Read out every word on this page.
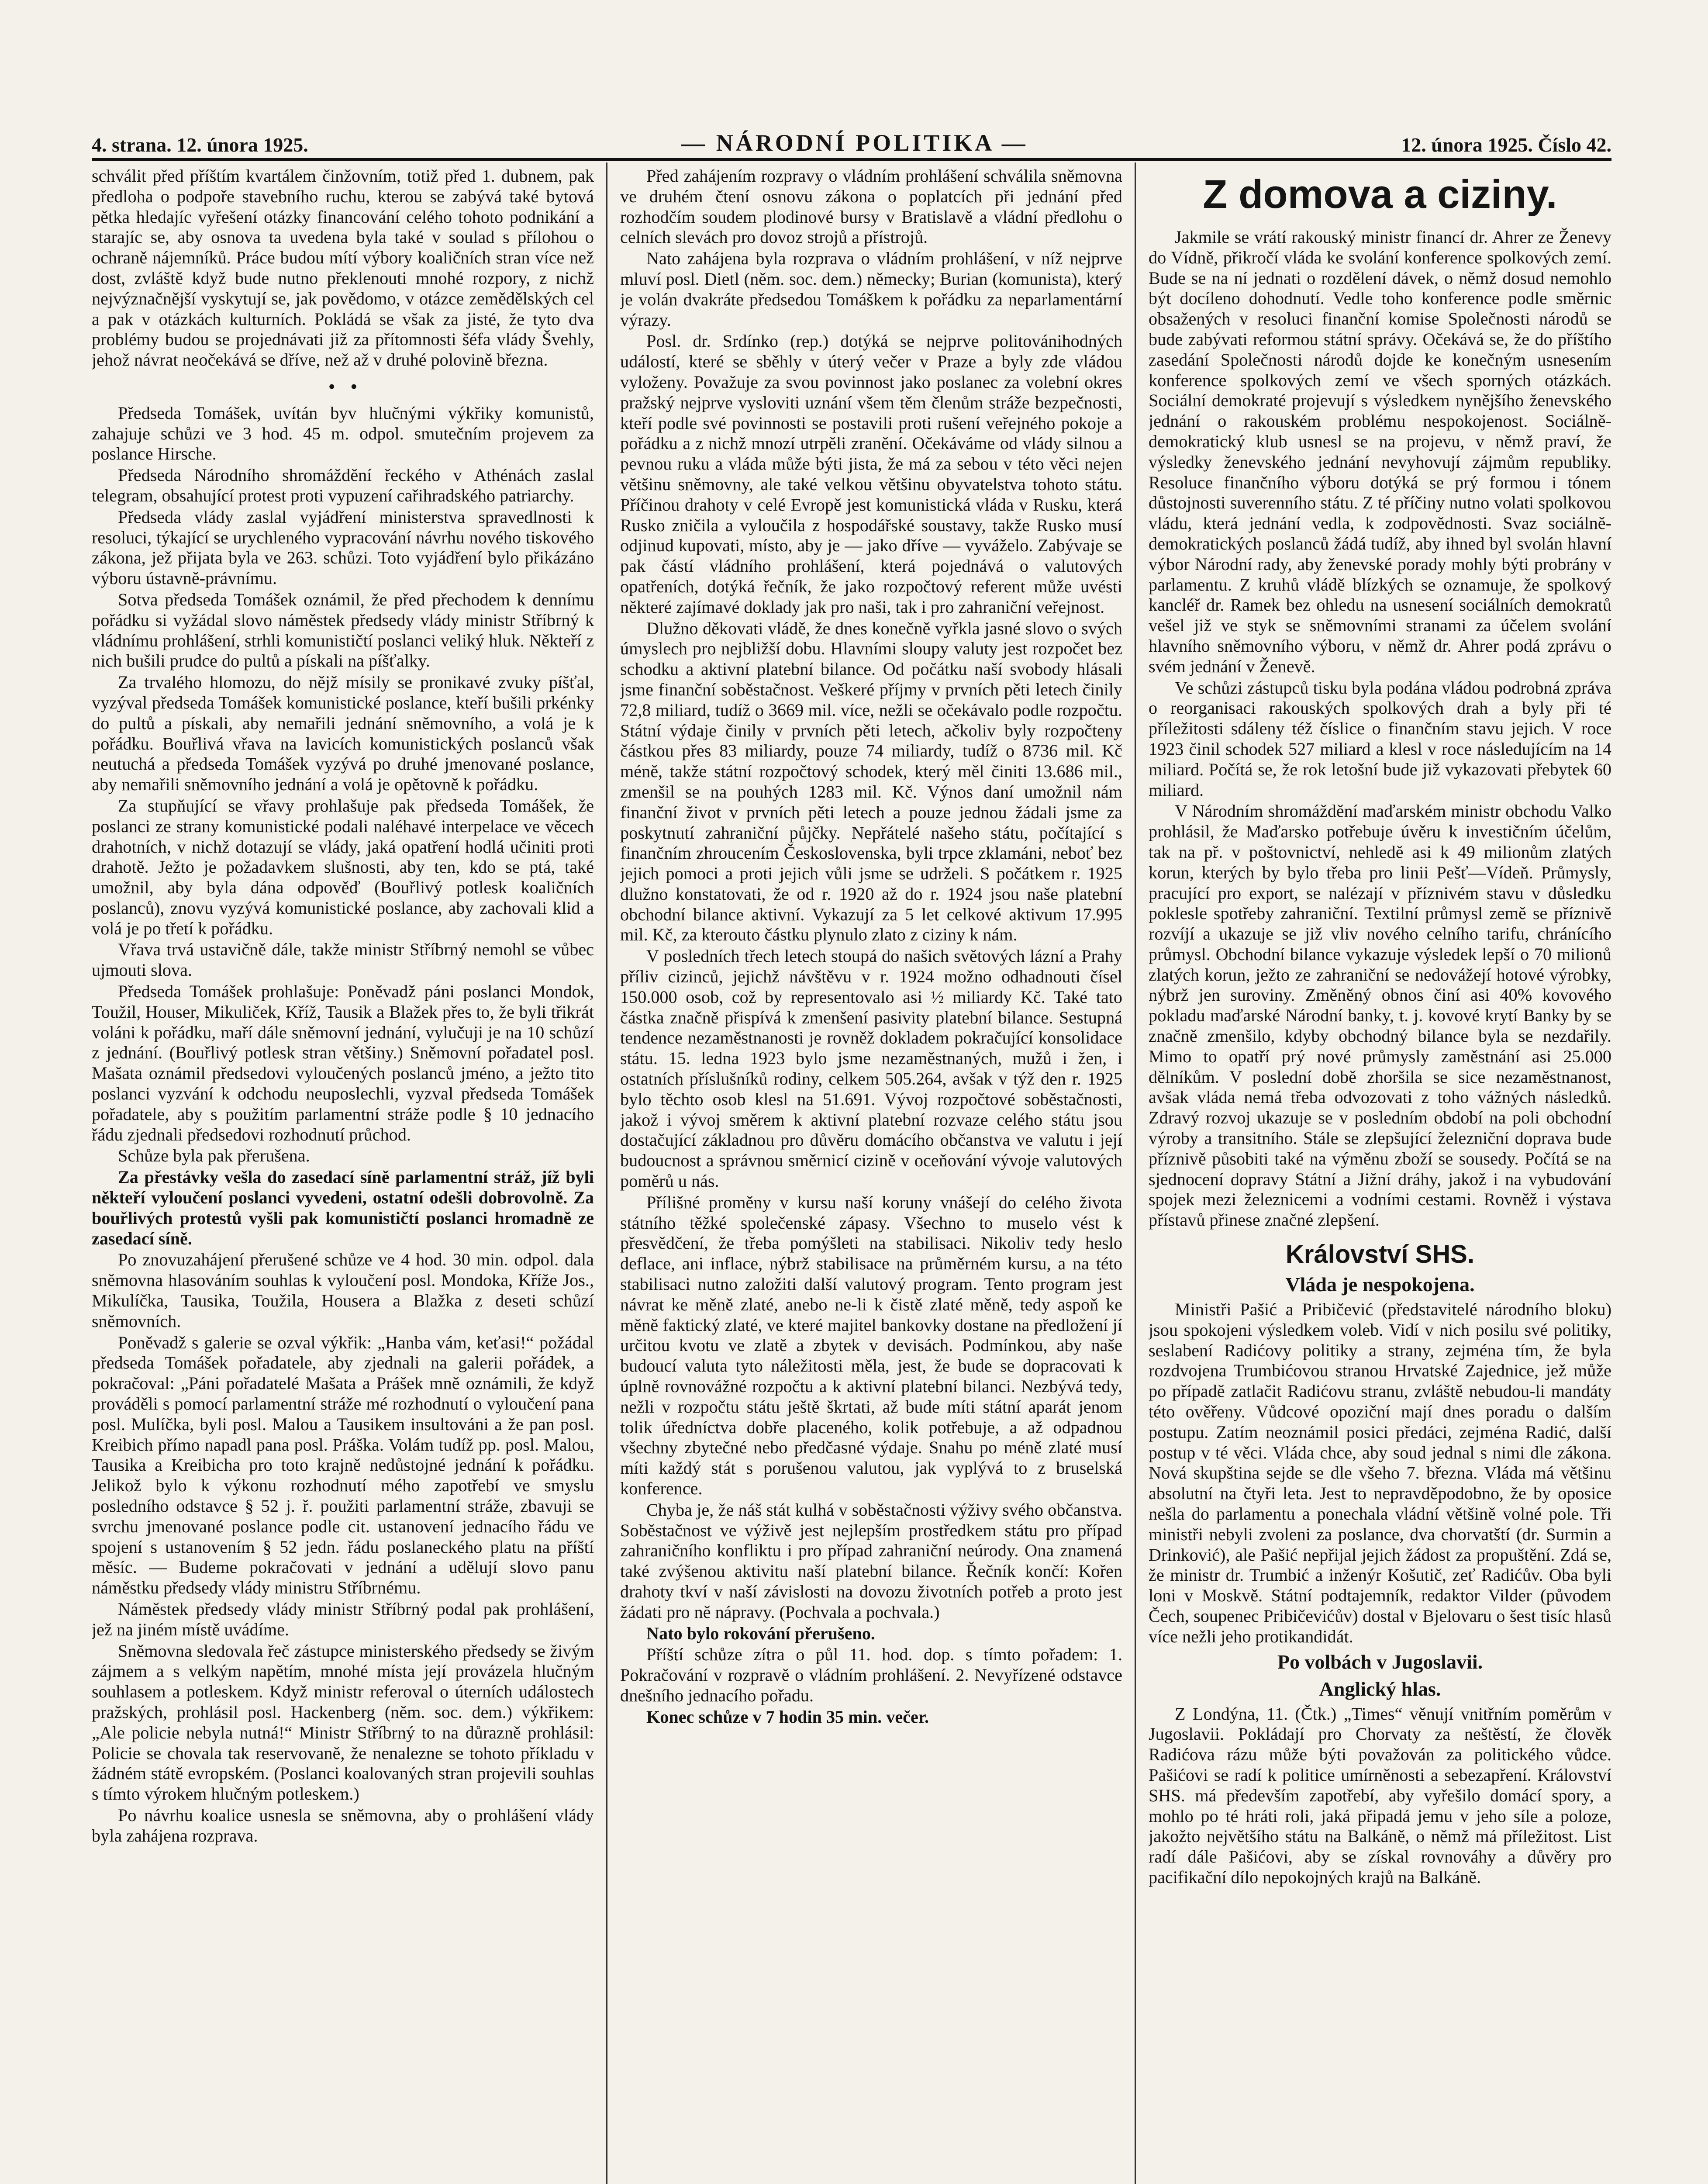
4. strana. 12. února 1925.	— NÁRODNÍ POLITIKA —	12. února 1925. Číslo 42.

schválit před příštím kvartálem činžovním, totiž před 1. dubnem, pak předloha o podpoře stavebního ruchu, kterou se zabývá také bytová pětka hledajíc vyřešení otázky financování celého tohoto podnikání a starajíc se, aby osnova ta uvedena byla také v soulad s přílohou o ochraně nájemníků. Práce budou mítí výbory koaličních stran více než dost, zvláště když bude nutno překlenouti mnohé rozpory, z nichž nejvýznačnější vyskytují se, jak povědomo, v otázce zemědělských cel a pak v otázkách kulturních. Pokládá se však za jisté, že tyto dva problémy budou se projednávati již za přítomnosti šéfa vlády Švehly, jehož návrat neočekává se dříve, než až v druhé polovině března.

•   •

Předseda Tomášek, uvítán byv hlučnými výkřiky komunistů, zahajuje schůzi ve 3 hod. 45 m. odpol. smutečním projevem za poslance Hirsche.

Předseda Národního shromáždění řeckého v Athénách zaslal telegram, obsahující protest proti vypuzení cařihradského patriarchy.

Předseda vlády zaslal vyjádření ministerstva spravedlnosti k resoluci, týkající se urychleného vypracování návrhu nového tiskového zákona, jež přijata byla ve 263. schůzi. Toto vyjádření bylo přikázáno výboru ústavně-právnímu.

Sotva předseda Tomášek oznámil, že před přechodem k dennímu pořádku si vyžádal slovo náměstek předsedy vlády ministr Stříbrný k vládnímu prohlášení, strhli komunističtí poslanci veliký hluk. Někteří z nich bušili prudce do pultů a pískali na píšťalky.

Za trvalého hlomozu, do nějž mísily se pronikavé zvuky píšťal, vyzýval předseda Tomášek komunistické poslance, kteří bušili prkénky do pultů a pískali, aby nemařili jednání sněmovního, a volá je k pořádku. Bouřlivá vřava na lavicích komunistických poslanců však neutuchá a předseda Tomášek vyzývá po druhé jmenované poslance, aby nemařili sněmovního jednání a volá je opětovně k pořádku.

Za stupňující se vřavy prohlašuje pak předseda Tomášek, že poslanci ze strany komunistické podali naléhavé interpelace ve věcech drahotních, v nichž dotazují se vlády, jaká opatření hodlá učiniti proti drahotě. Ježto je požadavkem slušnosti, aby ten, kdo se ptá, také umožnil, aby byla dána odpověď (Bouřlivý potlesk koaličních poslanců), znovu vyzývá komunistické poslance, aby zachovali klid a volá je po třetí k pořádku.

Vřava trvá ustavičně dále, takže ministr Stříbrný nemohl se vůbec ujmouti slova.

Předseda Tomášek prohlašuje: Poněvadž páni poslanci Mondok, Toužil, Houser, Mikuliček, Kříž, Tausik a Blažek přes to, že byli třikrát voláni k pořádku, maří dále sněmovní jednání, vylučuji je na 10 schůzí z jednání. (Bouřlivý potlesk stran většiny.) Sněmovní pořadatel posl. Mašata oznámil předsedovi vyloučených poslanců jméno, a ježto tito poslanci vyzvání k odchodu neuposlechli, vyzval předseda Tomášek pořadatele, aby s použitím parlamentní stráže podle § 10 jednacího řádu zjednali předsedovi rozhodnutí průchod.

Schůze byla pak přerušena.

Za přestávky vešla do zasedací síně parlamentní stráž, jíž byli někteří vyloučení poslanci vyvedeni, ostatní odešli dobrovolně. Za bouřlivých protestů vyšli pak komunističtí poslanci hromadně ze zasedací síně.

Po znovuzahájení přerušené schůze ve 4 hod. 30 min. odpol. dala sněmovna hlasováním souhlas k vyloučení posl. Mondoka, Kříže Jos., Mikulíčka, Tausika, Toužila, Housera a Blažka z deseti schůzí sněmovních.

Poněvadž s galerie se ozval výkřik: „Hanba vám, keťasi!“ požádal předseda Tomášek pořadatele, aby zjednali na galerii pořádek, a pokračoval: „Páni pořadatelé Mašata a Prášek mně oznámili, že když prováděli s pomocí parlamentní stráže mé rozhodnutí o vyloučení pana posl. Mulíčka, byli posl. Malou a Tausikem insultováni a že pan posl. Kreibich přímo napadl pana posl. Práška. Volám tudíž pp. posl. Malou, Tausika a Kreibicha pro toto krajně nedůstojné jednání k pořádku. Jelikož bylo k výkonu rozhodnutí mého zapotřebí ve smyslu posledního odstavce § 52 j. ř. použiti parlamentní stráže, zbavuji se svrchu jmenované poslance podle cit. ustanovení jednacího řádu ve spojení s ustanovením § 52 jedn. řádu poslaneckého platu na příští měsíc. — Budeme pokračovati v jednání a udělují slovo panu náměstku předsedy vlády ministru Stříbrnému.

Náměstek předsedy vlády ministr Stříbrný podal pak prohlášení, jež na jiném místě uvádíme.

Sněmovna sledovala řeč zástupce ministerského předsedy se živým zájmem a s velkým napětím, mnohé místa její provázela hlučným souhlasem a potleskem. Když ministr referoval o úterních událostech pražských, prohlásil posl. Hackenberg (něm. soc. dem.) výkřikem: „Ale policie nebyla nutná!“ Ministr Stříbrný to na důrazně prohlásil: Policie se chovala tak reservovaně, že nenalezne se tohoto příkladu v žádném státě evropském. (Poslanci koalovaných stran projevili souhlas s tímto výrokem hlučným potleskem.)

Po návrhu koalice usnesla se sněmovna, aby o prohlášení vlády byla zahájena rozprava.

Před zahájením rozpravy o vládním prohlášení schválila sněmovna ve druhém čtení osnovu zákona o poplatcích při jednání před rozhodčím soudem plodinové bursy v Bratislavě a vládní předlohu o celních slevách pro dovoz strojů a přístrojů.

Nato zahájena byla rozprava o vládním prohlášení, v níž nejprve mluví posl. Dietl (něm. soc. dem.) německy; Burian (komunista), který je volán dvakráte předsedou Tomáškem k pořádku za neparlamentární výrazy.

Posl. dr. Srdínko (rep.) dotýká se nejprve politovánihodných událostí, které se sběhly v úterý večer v Praze a byly zde vládou vyloženy. Považuje za svou povinnost jako poslanec za volební okres pražský nejprve vysloviti uznání všem těm členům stráže bezpečnosti, kteří podle své povinnosti se postavili proti rušení veřejného pokoje a pořádku a z nichž mnozí utrpěli zranění. Očekáváme od vlády silnou a pevnou ruku a vláda může býti jista, že má za sebou v této věci nejen většinu sněmovny, ale také velkou většinu obyvatelstva tohoto státu. Příčinou drahoty v celé Evropě jest komunistická vláda v Rusku, která Rusko zničila a vyloučila z hospodářské soustavy, takže Rusko musí odjinud kupovati, místo, aby je — jako dříve — vyváželo. Zabývaje se pak částí vládního prohlášení, která pojednává o valutových opatřeních, dotýká řečník, že jako rozpočtový referent může uvésti některé zajímavé doklady jak pro naši, tak i pro zahraniční veřejnost.

Dlužno děkovati vládě, že dnes konečně vyřkla jasné slovo o svých úmyslech pro nejbližší dobu. Hlavními sloupy valuty jest rozpočet bez schodku a aktivní platební bilance. Od počátku naší svobody hlásali jsme finanční soběstačnost. Veškeré příjmy v prvních pěti letech činily 72,8 miliard, tudíž o 3669 mil. více, nežli se očekávalo podle rozpočtu. Státní výdaje činily v prvních pěti letech, ačkoliv byly rozpočteny částkou přes 83 miliardy, pouze 74 miliardy, tudíž o 8736 mil. Kč méně, takže státní rozpočtový schodek, který měl činiti 13.686 mil., zmenšil se na pouhých 1283 mil. Kč. Výnos daní umožnil nám finanční život v prvních pěti letech a pouze jednou žádali jsme za poskytnutí zahraniční půjčky. Nepřátelé našeho státu, počítající s finančním zhroucením Československa, byli trpce zklamáni, neboť bez jejich pomoci a proti jejich vůli jsme se udrželi. S počátkem r. 1925 dlužno konstatovati, že od r. 1920 až do r. 1924 jsou naše platební obchodní bilance aktivní. Vykazují za 5 let celkové aktivum 17.995 mil. Kč, za kterouto částku plynulo zlato z ciziny k nám.

V posledních třech letech stoupá do našich světových lázní a Prahy příliv cizinců, jejichž návštěvu v r. 1924 možno odhadnouti čísel 150.000 osob, což by representovalo asi ½ miliardy Kč. Také tato částka značně přispívá k zmenšení pasivity platební bilance. Sestupná tendence nezaměstnanosti je rovněž dokladem pokračující konsolidace státu. 15. ledna 1923 bylo jsme nezaměstnaných, mužů i žen, i ostatních příslušníků rodiny, celkem 505.264, avšak v týž den r. 1925 bylo těchto osob klesl na 51.691. Vývoj rozpočtové soběstačnosti, jakož i vývoj směrem k aktivní platební rozvaze celého státu jsou dostačující základnou pro důvěru domácího občanstva ve valutu i její budoucnost a správnou směrnicí cizině v oceňování vývoje valutových poměrů u nás.

Přílišné proměny v kursu naší koruny vnášejí do celého života státního těžké společenské zápasy. Všechno to muselo vést k přesvědčení, že třeba pomýšleti na stabilisaci. Nikoliv tedy heslo deflace, ani inflace, nýbrž stabilisace na průměrném kursu, a na této stabilisaci nutno založiti další valutový program. Tento program jest návrat ke měně zlaté, anebo ne-li k čistě zlaté měně, tedy aspoň ke měně faktický zlaté, ve které majitel bankovky dostane na předložení jí určitou kvotu ve zlatě a zbytek v devisách. Podmínkou, aby naše budoucí valuta tyto náležitosti měla, jest, že bude se dopracovati k úplně rovnovážné rozpočtu a k aktivní platební bilanci. Nezbývá tedy, nežli v rozpočtu státu ještě škrtati, až bude míti státní aparát jenom tolik úředníctva dobře placeného, kolik potřebuje, a až odpadnou všechny zbytečné nebo předčasné výdaje. Snahu po méně zlaté musí míti každý stát s porušenou valutou, jak vyplývá to z bruselská konference.

Chyba je, že náš stát kulhá v soběstačnosti výživy svého občanstva. Soběstačnost ve výživě jest nejlepším prostředkem státu pro případ zahraničního konfliktu i pro případ zahraniční neúrody. Ona znamená také zvýšenou aktivitu naší platební bilance. Řečník končí: Kořen drahoty tkví v naší závislosti na dovozu životních potřeb a proto jest žádati pro ně nápravy. (Pochvala a pochvala.)

Nato bylo rokování přerušeno.

Příští schůze zítra o půl 11. hod. dop. s tímto pořadem: 1. Pokračování v rozpravě o vládním prohlášení. 2. Nevyřízené odstavce dnešního jednacího pořadu.

Konec schůze v 7 hodin 35 min. večer.

Z domova a ciziny.

Jakmile se vrátí rakouský ministr financí dr. Ahrer ze Ženevy do Vídně, přikročí vláda ke svolání konference spolkových zemí. Bude se na ní jednati o rozdělení dávek, o němž dosud nemohlo být docíleno dohodnutí. Vedle toho konference podle směrnic obsažených v resoluci finanční komise Společnosti národů se bude zabývati reformou státní správy. Očekává se, že do příštího zasedání Společnosti národů dojde ke konečným usnesením konference spolkových zemí ve všech sporných otázkách. Sociální demokraté projevují s výsledkem nynějšího ženevského jednání o rakouském problému nespokojenost. Sociálně-demokratický klub usnesl se na projevu, v němž praví, že výsledky ženevského jednání nevyhovují zájmům republiky. Resoluce finančního výboru dotýká se prý formou i tónem důstojnosti suverenního státu. Z té příčiny nutno volati spolkovou vládu, která jednání vedla, k zodpovědnosti. Svaz sociálně-demokratických poslanců žádá tudíž, aby ihned byl svolán hlavní výbor Národní rady, aby ženevské porady mohly býti probrány v parlamentu. Z kruhů vládě blízkých se oznamuje, že spolkový kancléř dr. Ramek bez ohledu na usnesení sociálních demokratů vešel již ve styk se sněmovními stranami za účelem svolání hlavního sněmovního výboru, v němž dr. Ahrer podá zprávu o svém jednání v Ženevě.

Ve schůzi zástupců tisku byla podána vládou podrobná zpráva o reorganisaci rakouských spolkových drah a byly při té příležitosti sdáleny též číslice o finančním stavu jejich. V roce 1923 činil schodek 527 miliard a klesl v roce následujícím na 14 miliard. Počítá se, že rok letošní bude již vykazovati přebytek 60 miliard.

V Národním shromáždění maďarském ministr obchodu Valko prohlásil, že Maďarsko potřebuje úvěru k investičním účelům, tak na př. v poštovnictví, nehledě asi k 49 milionům zlatých korun, kterých by bylo třeba pro linii Pešť—Vídeň. Průmysly, pracující pro export, se nalézají v příznivém stavu v důsledku poklesle spotřeby zahraniční. Textilní průmysl země se příznivě rozvíjí a ukazuje se již vliv nového celního tarifu, chránícího průmysl. Obchodní bilance vykazuje výsledek lepší o 70 milionů zlatých korun, ježto ze zahraniční se nedovážejí hotové výrobky, nýbrž jen suroviny. Změněný obnos činí asi 40% kovového pokladu maďarské Národní banky, t. j. kovové krytí Banky by se značně zmenšilo, kdyby obchodný bilance byla se nezdařily. Mimo to opatří prý nové průmysly zaměstnání asi 25.000 dělníkům. V poslední době zhoršila se sice nezaměstnanost, avšak vláda nemá třeba odvozovati z toho vážných následků. Zdravý rozvoj ukazuje se v posledním období na poli obchodní výroby a transitního. Stále se zlepšující železniční doprava bude příznivě působiti také na výměnu zboží se sousedy. Počítá se na sjednocení dopravy Státní a Jižní dráhy, jakož i na vybudování spojek mezi železnicemi a vodními cestami. Rovněž i výstava přístavů přinese značné zlepšení.

Království SHS.
Vláda je nespokojena.

Ministři Pašić a Pribičević (představitelé národního bloku) jsou spokojeni výsledkem voleb. Vidí v nich posilu své politiky, seslabení Radićovy politiky a strany, zejména tím, že byla rozdvojena Trumbićovou stranou Hrvatské Zajednice, jež může po případě zatlačit Radićovu stranu, zvláště nebudou-li mandáty této ověřeny. Vůdcové opoziční mají dnes poradu o dalším postupu. Zatím neoznámil posici předáci, zejména Radić, další postup v té věci. Vláda chce, aby soud jednal s nimi dle zákona. Nová skupština sejde se dle všeho 7. března. Vláda má většinu absolutní na čtyři leta. Jest to nepravděpodobno, že by oposice nešla do parlamentu a ponechala vládní většině volné pole. Tři ministři nebyli zvoleni za poslance, dva chorvatští (dr. Surmin a Drinković), ale Pašić nepřijal jejich žádost za propuštění. Zdá se, že ministr dr. Trumbić a inženýr Košutič, zeť Radićův. Oba byli loni v Moskvě. Státní podtajemník, redaktor Vilder (původem Čech, soupenec Pribičevićův) dostal v Bjelovaru o šest tisíc hlasů více nežli jeho protikandidát.

Po volbách v Jugoslavii.
Anglický hlas.

Z Londýna, 11. (Čtk.) „Times“ věnují vnitřním poměrům v Jugoslavii. Pokládají pro Chorvaty za neštěstí, že člověk Radićova rázu může býti považován za politického vůdce. Pašićovi se radí k politice umírněnosti a sebezapření. Království SHS. má především zapotřebí, aby vyřešilo domácí spory, a mohlo po té hráti roli, jaká připadá jemu v jeho síle a poloze, jakožto největšího státu na Balkáně, o němž má příležitost. List radí dále Pašićovi, aby se získal rovnováhy a důvěry pro pacifikační dílo nepokojných krajů na Balkáně.
